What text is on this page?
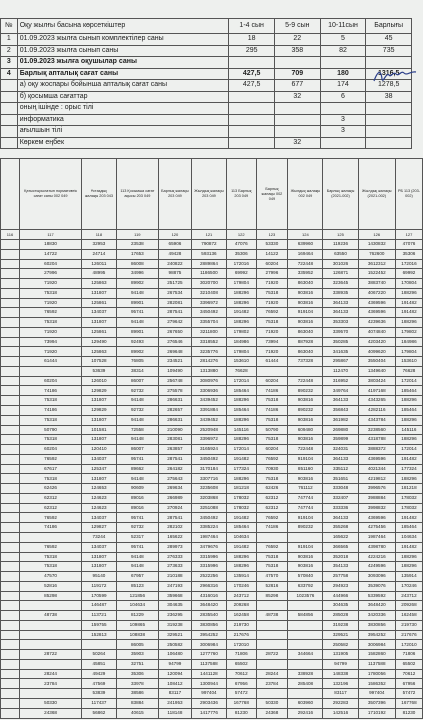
№	Оқу жылғы басына көрсеткіштер	1-4 сын	5-9 сын	10-11сын	Барлығы
1	01.09.2023 жылға сынып комплектілер саны	18	22	5	45
2	01.09.2023 жылға сынып саны	295	358	82	735
3	01.09.2023 жылға оқушылар саны				
4	Барлық апталық сағат саны	427,5	709	180	1316,5
	а) оқу жоспары бойынша апталық сағат саны	427,5	677	174	1278,5
	б) қосымша сағаттар		32	6	38
	оның ішінде : орыс тілі				
	информатика			3	
	ағылшын тілі			3	
	Көркем еңбек		32		
	Қатыстырылатын нормативтік сағат саны 002 049	Ұстаздық жалақы 203 043	113 Қосымша сағат ақысы 203 049	Барлық жалақы 203 049	Жылдық жалақы 203 049	113 Барлық 203 049	Барлық жалақы 002 049	Жылдық жалақы 002 049	Барлық жалақы (2021-002)	Жылдық жалақы (2021-002)	РБ 113 (203-002)
116	117	118	119	120	121	122	123	124	125	126	127
	18830	32953	23538	65906	790872	47076	53330	639960	119236	1430832	47076
	14722	24714	17653	49428	593136	35306	14122	169464	63550	762600	35306
	60204	126011	86008	240822	2889864	172016	60204	722448	301026	3612312	172016
	27996	48995	34996	98875	1186500	69992	27996	335952	126871	1522452	69992
	71920	125863	89902	251725	3020700	179804	71920	863040	323645	3883740	170804
	75318	131807	94148	267534	3210408	188296	75318	903816	338935	4067220	188296
	71920	125861	89901	282081	3396972	188296	71920	903816	364133	4369596	191482
	76592	134037	95741	287541	3450492	191482	76592	919104	364133	4369596	191482
	75318	131807	94148	279642	3355704	188296	75318	903816	353303	4239636	188296
	71920	125861	89901	267650	3211800	179802	71920	863040	339570	4074840	179802
	73994	129490	92493	276546	3318552	184986	73994	887928	350285	4203420	184986
	71920	125863	89902	269648	3235776	179804	71920	863040	341635	4099620	179804
	61444	107528	76805	234521	2814276	153610	61444	737328	295867	3550404	153610
		53639	38314	109490	1313880	76628			112470	1349640	76628
	60204	126010	86007	256748	3080976	172014	60204	722448	316952	3803424	172014
	74186	129829	92732	275578	3306936	185464	74186	890232	349764	4197168	185464
	75318	131807	94148	286631	3439452	188296	75318	903816	364133	4343265	188296
	74186	129829	92732	282657	3391884	185464	74186	890232	356843	4282116	185464
	75318	131807	94148	286631	3439452	188296	75318	903816	361982	4343784	188296
	50790	101581	72558	210090	2520948	145116	50790	609480	269880	3238560	145116
	75318	131807	94148	283081	3396972	188296	75318	903816	359899	4318788	188296
	60204	120410	86007	263857	3165924	172014	60204	722448	324031	3888372	172014
	76592	134037	95741	287541	3450492	191482	76592	919104	364133	4369596	191482
	67617	125347	89662	264182	3170184	177324	70930	851160	335112	4021344	177324
	75318	131807	94148	275643	3307716	188296	75318	903816	351651	4219812	188296
	62426	124653	90609	269634	3235608	181218	62426	761112	333048	3996576	181218
	62312	124623	89016	266989	3203868	178032	62312	747744	332407	3988884	178032
	62312	124623	89016	270924	3251088	178032	62312	747744	333336	3998832	178032
	76592	134037	95741	287541	3450492	191482	76592	919104	364133	4369596	191482
	74186	129827	92732	282102	3385224	185464	74186	890232	355268	4275456	185464
		73244	52317	165622	1987464	104634			165622	1987464	104634
	76592	134037	95741	289973	3479676	191482	76592	919104	366565	4398780	191482
	75318	131807	94148	276333	3315996	188296	75318	903816	352018	4224216	188296
	75318	131807	94148	273633	3315996	188296	75318	903816	354133	4249596	188296
	47570	95140	67957	210188	2522256	135914	47570	570840	257758	3093096	135914
	52816	119172	85123	247193	2966316	170246	52816	633792	294923	3539076	170246
	85298	170599	121856	359668	4316016	243712	85298	1023576	444966	5339592	243712
		146487	104634	304635	3648420	209268			304635	3648420	209268
	48738	113721	81229	236295	2835540	162458	48738	584856	285028	3420336	162458
		159755	109865	319238	3830856	219730			319238	3830856	219730
		152813	108838	329521	3954252	217676			329521	3954252	217676
			86005	250582	3006984	172010			250582	3006984	172010
	28722	50264	35903	106480	1277760	71806	28722	344664	131905	1582860	71806
		45851	32751	94799	1137588	65502			94799	1137588	65502
	28244	49429	35306	120094	1441128	70612	28244	338928	148338	1780056	70612
	23784	47569	33978	108412	1300944	67956	23784	285408	132196	1586352	67956
		53839	38586	83117	997404	57472			83117	997404	57472
	50330	117437	83884	241953	2903436	167768	50330	603960	292283	3507396	167768
	24368	56862	40615	118148	1417776	81230	24368	292416	142516	1710192	81230
